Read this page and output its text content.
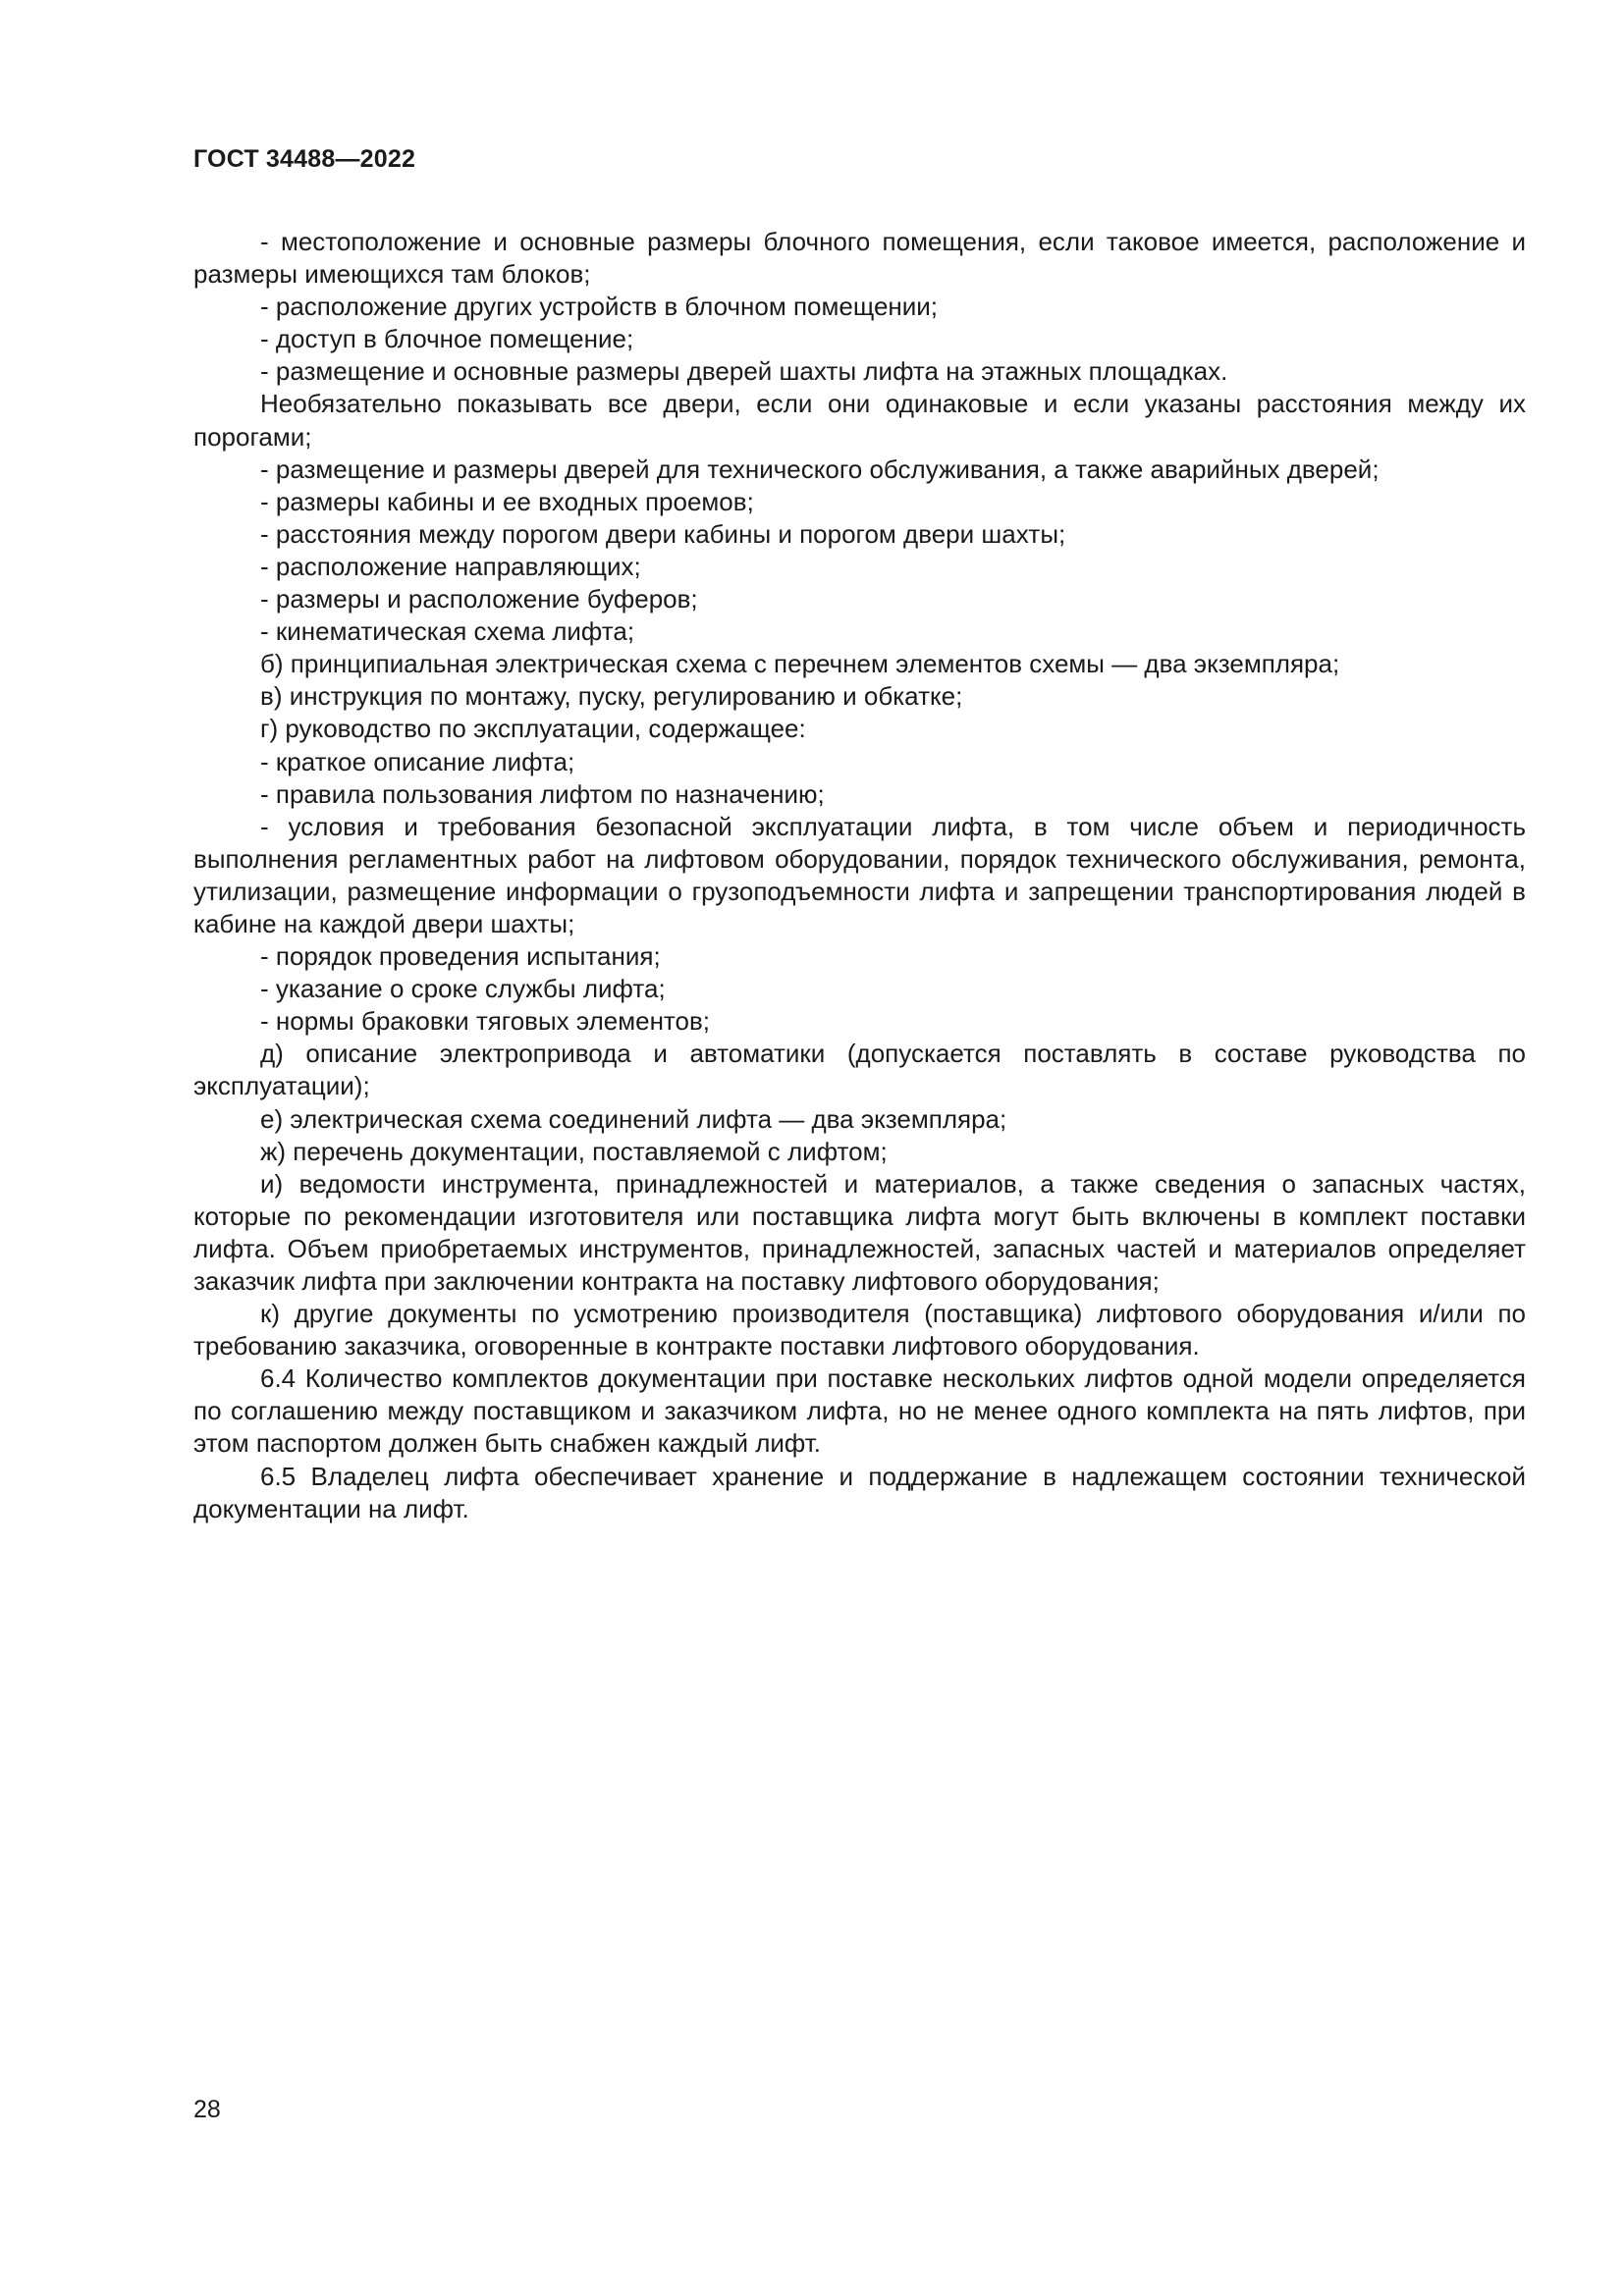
ГОСТ 34488—2022

- местоположение и основные размеры блочного помещения, если таковое имеется, расположение и размеры имеющихся там блоков;

- расположение других устройств в блочном помещении;

- доступ в блочное помещение;

- размещение и основные размеры дверей шахты лифта на этажных площадках.

Необязательно показывать все двери, если они одинаковые и если указаны расстояния между их порогами;

- размещение и размеры дверей для технического обслуживания, а также аварийных дверей;

- размеры кабины и ее входных проемов;

- расстояния между порогом двери кабины и порогом двери шахты;

- расположение направляющих;

- размеры и расположение буферов;

- кинематическая схема лифта;

б) принципиальная электрическая схема с перечнем элементов схемы — два экземпляра;

в) инструкция по монтажу, пуску, регулированию и обкатке;

г) руководство по эксплуатации, содержащее:

- краткое описание лифта;

- правила пользования лифтом по назначению;

- условия и требования безопасной эксплуатации лифта, в том числе объем и периодичность выполнения регламентных работ на лифтовом оборудовании, порядок технического обслуживания, ремонта, утилизации, размещение информации о грузоподъемности лифта и запрещении транспортирования людей в кабине на каждой двери шахты;

- порядок проведения испытания;

- указание о сроке службы лифта;

- нормы браковки тяговых элементов;

д) описание электропривода и автоматики (допускается поставлять в составе руководства по эксплуатации);

е) электрическая схема соединений лифта — два экземпляра;

ж) перечень документации, поставляемой с лифтом;

и) ведомости инструмента, принадлежностей и материалов, а также сведения о запасных частях, которые по рекомендации изготовителя или поставщика лифта могут быть включены в комплект поставки лифта. Объем приобретаемых инструментов, принадлежностей, запасных частей и материалов определяет заказчик лифта при заключении контракта на поставку лифтового оборудования;

к) другие документы по усмотрению производителя (поставщика) лифтового оборудования и/или по требованию заказчика, оговоренные в контракте поставки лифтового оборудования.

6.4 Количество комплектов документации при поставке нескольких лифтов одной модели определяется по соглашению между поставщиком и заказчиком лифта, но не менее одного комплекта на пять лифтов, при этом паспортом должен быть снабжен каждый лифт.

6.5 Владелец лифта обеспечивает хранение и поддержание в надлежащем состоянии технической документации на лифт.

28
